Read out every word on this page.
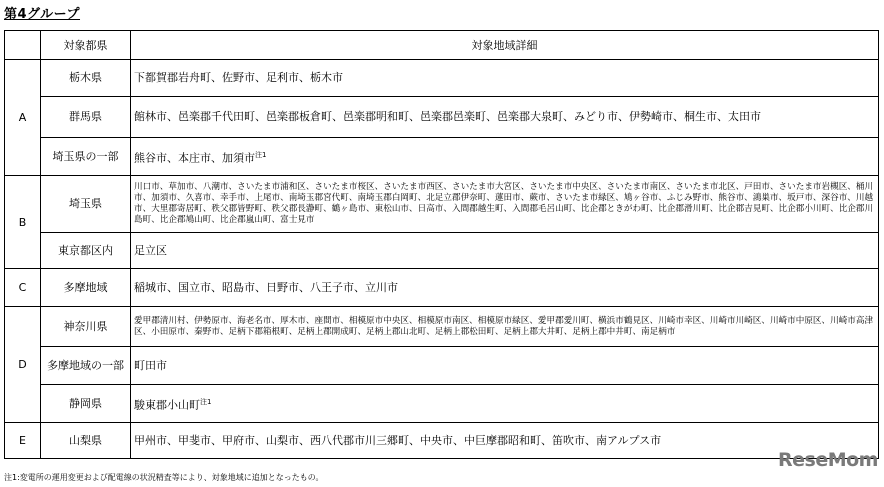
第4グループ
	対象都県	対象地域詳細
A	栃木県	下都賀郡岩舟町、佐野市、足利市、栃木市
	群馬県	館林市、邑楽郡千代田町、邑楽郡板倉町、邑楽郡明和町、邑楽郡邑楽町、邑楽郡大泉町、みどり市、伊勢崎市、桐生市、太田市
	埼玉県の一部	熊谷市、本庄市、加須市$^{注1}$
B	埼玉県	川口市、草加市、八潮市、さいたま市浦和区、さいたま市桜区、さいたま市西区、さいたま市大宮区、さいたま市中央区、さいたま市南区、さいたま市北区、戸田市、さいたま市岩槻区、桶川市、加須市、久喜市、幸手市、上尾市、南埼玉郡宮代町、南埼玉郡白岡町、北足立郡伊奈町、蓮田市、蕨市、さいたま市緑区、鳩ヶ谷市、ふじみ野市、熊谷市、鴻巣市、坂戸市、深谷市、川越市、大里郡寄居町、秩父郡皆野町、秩父郡長瀞町、鶴ヶ島市、東松山市、日高市、入間郡越生町、入間郡毛呂山町、比企郡ときがわ町、比企郡滑川町、比企郡吉見町、比企郡小川町、比企郡川島町、比企郡鳩山町、比企郡嵐山町、富士見市
	東京都区内	足立区
C	多摩地域	稲城市、国立市、昭島市、日野市、八王子市、立川市
D	神奈川県	愛甲郡清川村、伊勢原市、海老名市、厚木市、座間市、相模原市中央区、相模原市南区、相模原市緑区、愛甲郡愛川町、横浜市鶴見区、川崎市幸区、川崎市川崎区、川崎市中原区、川崎市高津区、小田原市、秦野市、足柄下郡箱根町、足柄上郡開成町、足柄上郡山北町、足柄上郡松田町、足柄上郡大井町、足柄上郡中井町、南足柄市
	多摩地域の一部	町田市
	静岡県	駿東郡小山町$^{注1}$
E	山梨県	甲州市、甲斐市、甲府市、山梨市、西八代郡市川三郷町、中央市、中巨摩郡昭和町、笛吹市、南アルプス市
注1:変電所の運用変更および配電線の状況精査等により、対象地域に追加となったもの。
ReseMom
